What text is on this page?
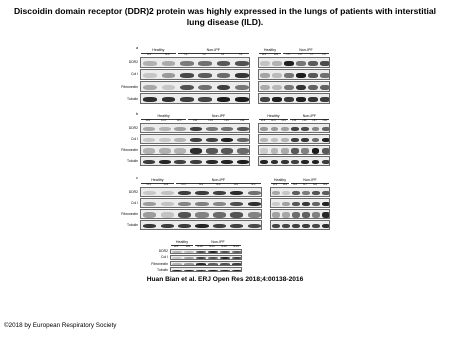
Discoidin domain receptor (DDR)2 protein was highly expressed in the lungs of patients with interstitial lung disease (ILD).
a	Healthy	Non-IPF
H-1	H-2	I-1	I-2	I-3	I-4
DDR2
Col I
Fibronectin
Tubulin
Healthy	Non-IPF
H-1	H-2	I-5	I-6	I-7	I-8
b	Healthy	Non-IPF
H-3	H-4	H-5	I-11	I-12	I-13	I-14
DDR2
Col I
Fibronectin
Tubulin
Healthy	Non-IPF
H-3	H-4	H-5	I-15	I-16	I-17	I-18
c	Healthy	Non-IPF
H-1	H-2	N-1	N-2	N-3	N-4	N-5
DDR2
Col I
Fibronectin
Tubulin
Healthy	Non-IPF
H-3	H-4	N-6	N-7	N-8	N-9
Healthy	Non-IPF
H-5	H-6	N-10	N-11	N-12	N-13
DDR2
Col I
Fibronectin
Tubulin
Huan Bian et al. ERJ Open Res 2018;4:00138-2016
©2018 by European Respiratory Society
